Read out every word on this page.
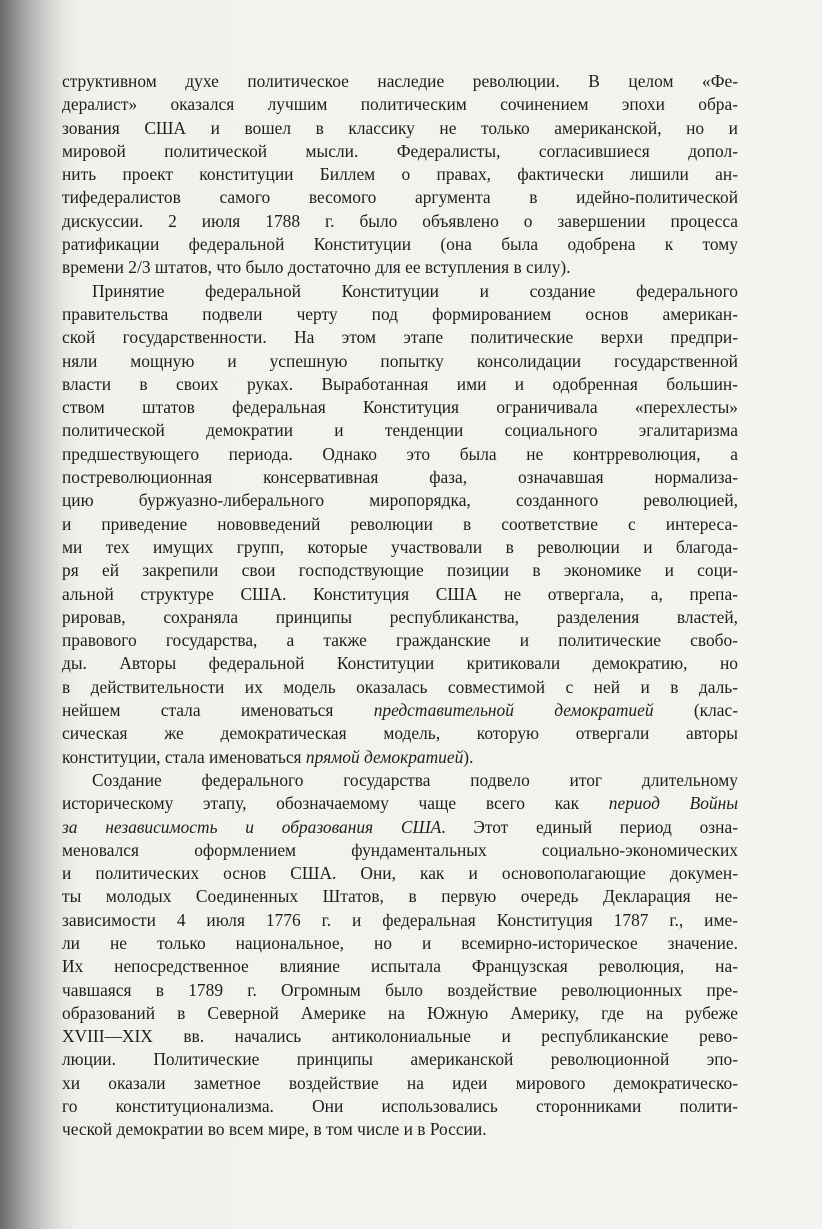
структивном духе политическое наследие революции. В целом «Фе-
дералист» оказался лучшим политическим сочинением эпохи обра-
зования США и вошел в классику не только американской, но и
мировой политической мысли. Федералисты, согласившиеся допол-
нить проект конституции Биллем о правах, фактически лишили ан-
тифедералистов самого весомого аргумента в идейно-политической
дискуссии. 2 июля 1788 г. было объявлено о завершении процесса
ратификации федеральной Конституции (она была одобрена к тому
времени 2/3 штатов, что было достаточно для ее вступления в силу).
Принятие федеральной Конституции и создание федерального
правительства подвели черту под формированием основ американ-
ской государственности. На этом этапе политические верхи предпри-
няли мощную и успешную попытку консолидации государственной
власти в своих руках. Выработанная ими и одобренная большин-
ством штатов федеральная Конституция ограничивала «перехлесты»
политической демократии и тенденции социального эгалитаризма
предшествующего периода. Однако это была не контрреволюция, а
постреволюционная консервативная фаза, означавшая нормализа-
цию буржуазно-либерального миропорядка, созданного революцией,
и приведение нововведений революции в соответствие с интереса-
ми тех имущих групп, которые участвовали в революции и благода-
ря ей закрепили свои господствующие позиции в экономике и соци-
альной структуре США. Конституция США не отвергала, а, препа-
рировав, сохраняла принципы республиканства, разделения властей,
правового государства, а также гражданские и политические свобо-
ды. Авторы федеральной Конституции критиковали демократию, но
в действительности их модель оказалась совместимой с ней и в даль-
нейшем стала именоваться представительной демократией (клас-
сическая же демократическая модель, которую отвергали авторы
конституции, стала именоваться прямой демократией).
Создание федерального государства подвело итог длительному
историческому этапу, обозначаемому чаще всего как период Войны
за независимость и образования США. Этот единый период озна-
меновался оформлением фундаментальных социально-экономических
и политических основ США. Они, как и основополагающие докумен-
ты молодых Соединенных Штатов, в первую очередь Декларация не-
зависимости 4 июля 1776 г. и федеральная Конституция 1787 г., име-
ли не только национальное, но и всемирно-историческое значение.
Их непосредственное влияние испытала Французская революция, на-
чавшаяся в 1789 г. Огромным было воздействие революционных пре-
образований в Северной Америке на Южную Америку, где на рубеже
XVIII—XIX вв. начались антиколониальные и республиканские рево-
люции. Политические принципы американской революционной эпо-
хи оказали заметное воздействие на идеи мирового демократическо-
го конституционализма. Они использовались сторонниками полити-
ческой демократии во всем мире, в том числе и в России.
